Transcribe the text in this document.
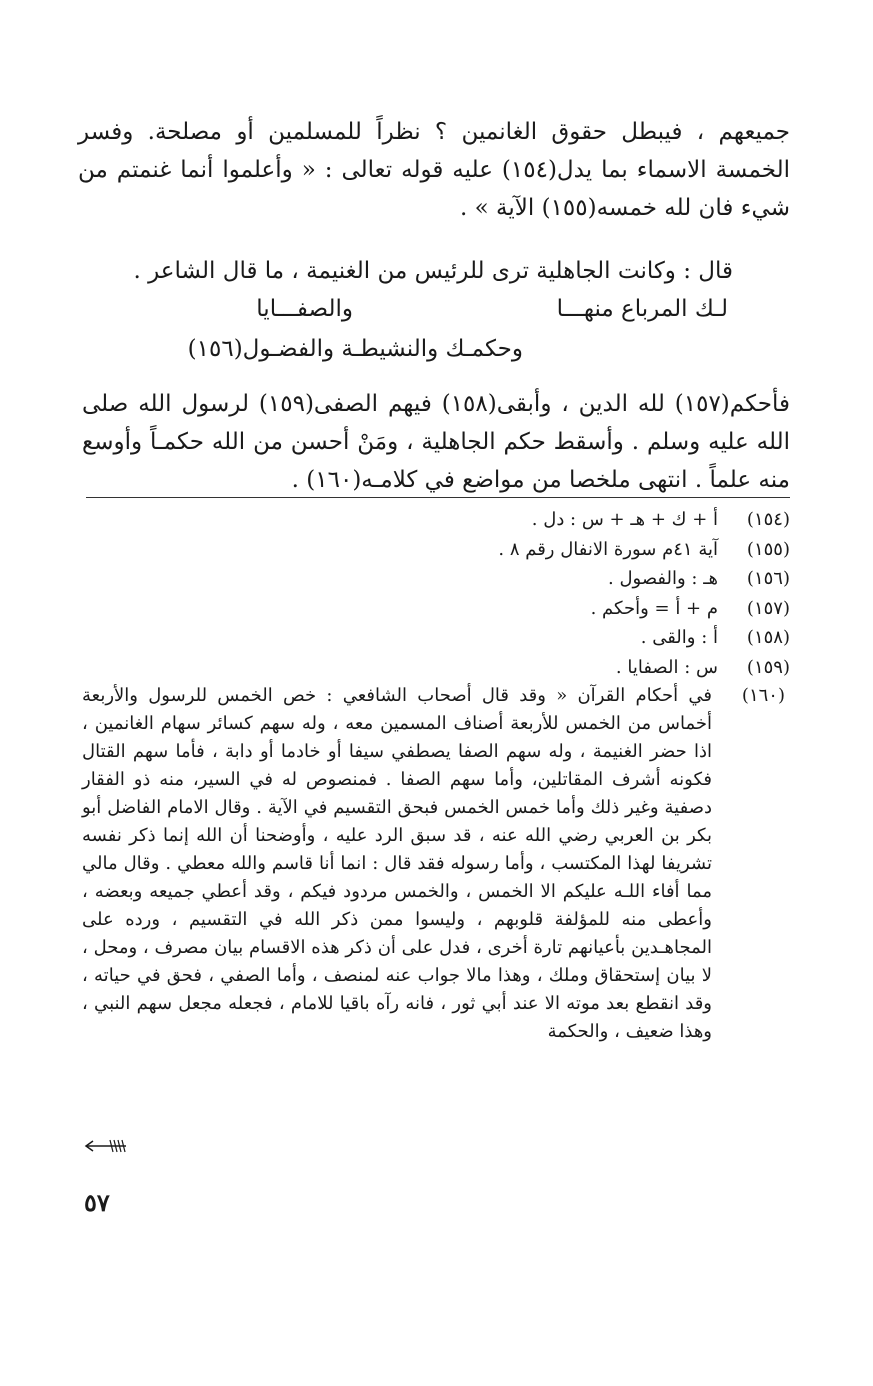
جميعهم ، فيبطل حقوق الغانمين ؟ نظراً للمسلمين أو مصلحة. وفسر الخمسة الاسماء بما يدل(١٥٤) عليه قوله تعالى : « وأعلموا أنما غنمتم من شيء فان لله خمسه(١٥٥) الآية » .

قال : وكانت الجاهلية ترى للرئيس من الغنيمة ، ما قال الشاعر .
لـك المرباع منهـــا
والصفـــايا
وحكمـك والنشيطـة والفضـول(١٥٦)

فأحكم(١٥٧) لله الدين ، وأبقى(١٥٨) فيهم الصفى(١٥٩) لرسول الله صلى الله عليه وسلم . وأسقط حكم الجاهلية ، ومَنْ أحسن من الله حكمـاً وأوسع منه علماً . انتهى ملخصا من مواضع في كلامـه(١٦٠) .

(١٥٤)
أ + ك + هـ + س : دل .
(١٥٥)
آية ٤١م سورة الانفال رقم ٨ .
(١٥٦)
هـ : والفصول .
(١٥٧)
م + أ = وأحكم .
(١٥٨)
أ : والقى .
(١٥٩)
س : الصفايا .
(١٦٠)
في أحكام القرآن « وقد قال أصحاب الشافعي : خص الخمس للرسول والأربعة أخماس من الخمس للأربعة أصناف المسمين معه ، وله سهم كسائر سهام الغانمين ، اذا حضر الغنيمة ، وله سهم الصفا يصطفي سيفا أو خادما أو دابة ، فأما سهم القتال فكونه أشرف المقاتلين، وأما سهم الصفا . فمنصوص له في السير، منه ذو الفقار دصفية وغير ذلك وأما خمس الخمس فبحق التقسيم في الآية . وقال الامام الفاضل أبو بكر بن العربي رضي الله عنه ، قد سبق الرد عليه ، وأوضحنا أن الله إنما ذكر نفسه تشريفا لهذا المكتسب ، وأما رسوله فقد قال : انما أنا قاسم والله معطي . وقال مالي مما أفاء اللـه عليكم الا الخمس ، والخمس مردود فيكم ، وقد أعطي جميعه وبعضه ، وأعطى منه للمؤلفة قلوبهم ، وليسوا ممن ذكر الله في التقسيم ، ورده على المجاهـدين بأعيانهم تارة أخرى ، فدل على أن ذكر هذه الاقسام بيان مصرف ، ومحل ، لا بيان إستحقاق وملك ، وهذا مالا جواب عنه لمنصف ، وأما الصفي ، فحق في حياته ، وقد انقطع بعد موته الا عند أبي ثور ، فانه رآه باقيا للامام ، فجعله مجعل سهم النبي ، وهذا ضعيف ، والحكمة
٥٧
